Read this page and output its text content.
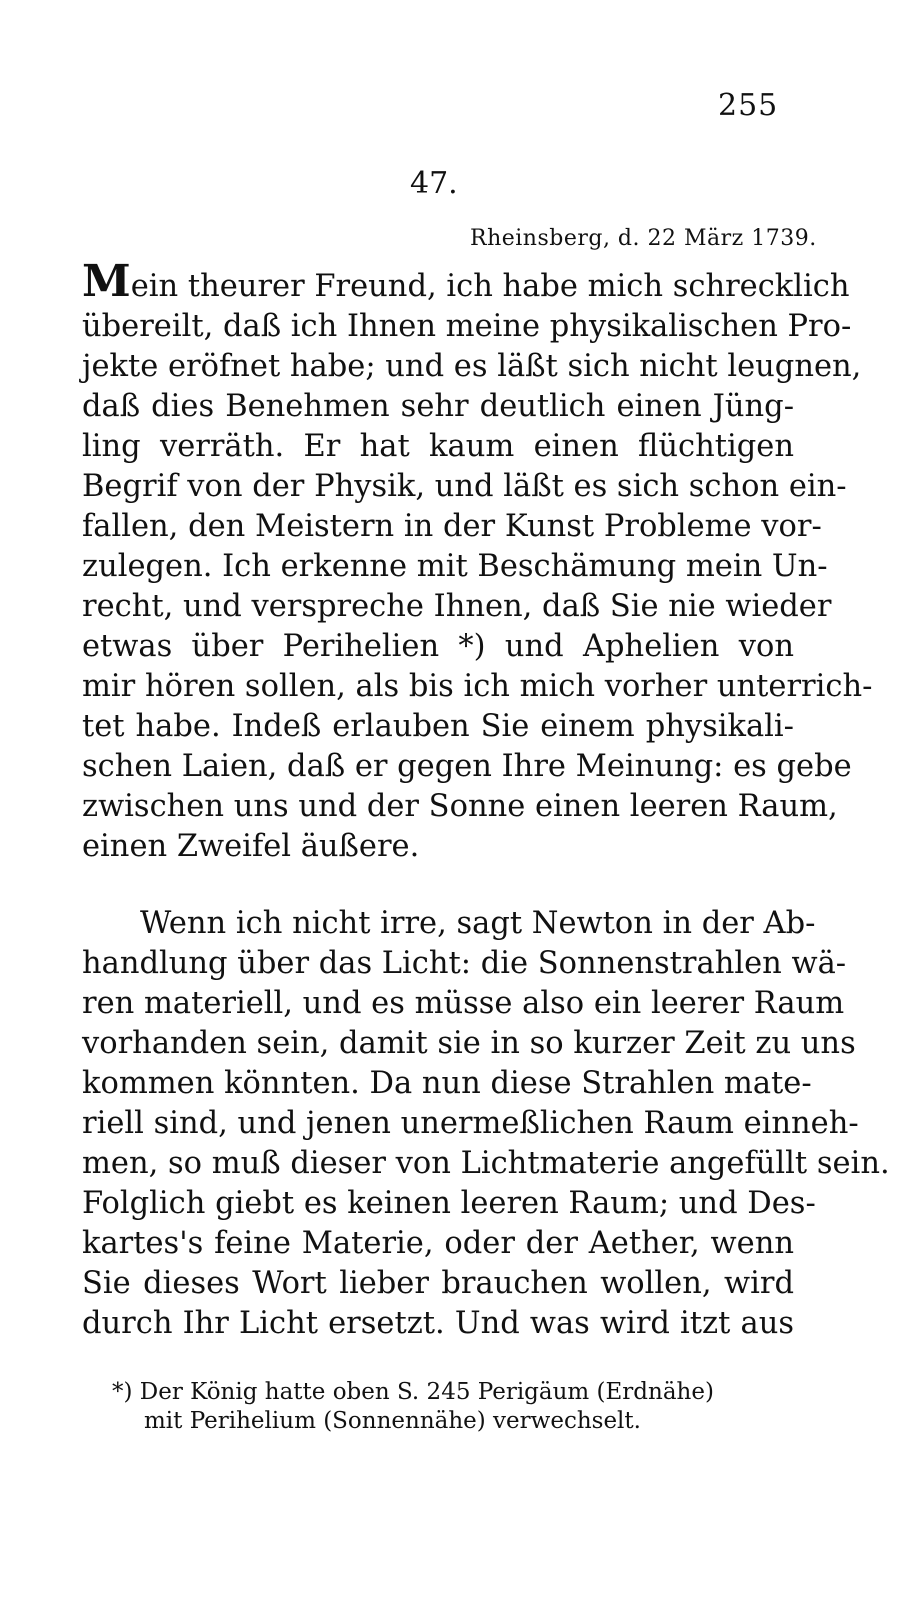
255
47.
Rheinsberg, d. 22 März 1739.
Mein theurer Freund, ich habe mich schrecklich
übereilt, daß ich Ihnen meine physikalischen Pro-
jekte eröfnet habe; und es läßt sich nicht leugnen,
daß dies Benehmen sehr deutlich einen Jüng-
ling verräth. Er hat kaum einen flüchtigen
Begrif von der Physik, und läßt es sich schon ein-
fallen, den Meistern in der Kunst Probleme vor-
zulegen. Ich erkenne mit Beschämung mein Un-
recht, und verspreche Ihnen, daß Sie nie wieder
etwas über Perihelien *) und Aphelien von
mir hören sollen, als bis ich mich vorher unterrich-
tet habe. Indeß erlauben Sie einem physikali-
schen Laien, daß er gegen Ihre Meinung: es gebe
zwischen uns und der Sonne einen leeren Raum,
einen Zweifel äußere.
Wenn ich nicht irre, sagt Newton in der Ab-
handlung über das Licht: die Sonnenstrahlen wä-
ren materiell, und es müsse also ein leerer Raum
vorhanden sein, damit sie in so kurzer Zeit zu uns
kommen könnten. Da nun diese Strahlen mate-
riell sind, und jenen unermeßlichen Raum einneh-
men, so muß dieser von Lichtmaterie angefüllt sein.
Folglich giebt es keinen leeren Raum; und Des-
kartes's feine Materie, oder der Aether, wenn
Sie dieses Wort lieber brauchen wollen, wird
durch Ihr Licht ersetzt. Und was wird itzt aus
*) Der König hatte oben S. 245 Perigäum (Erdnähe)
mit Perihelium (Sonnennähe) verwechselt.
